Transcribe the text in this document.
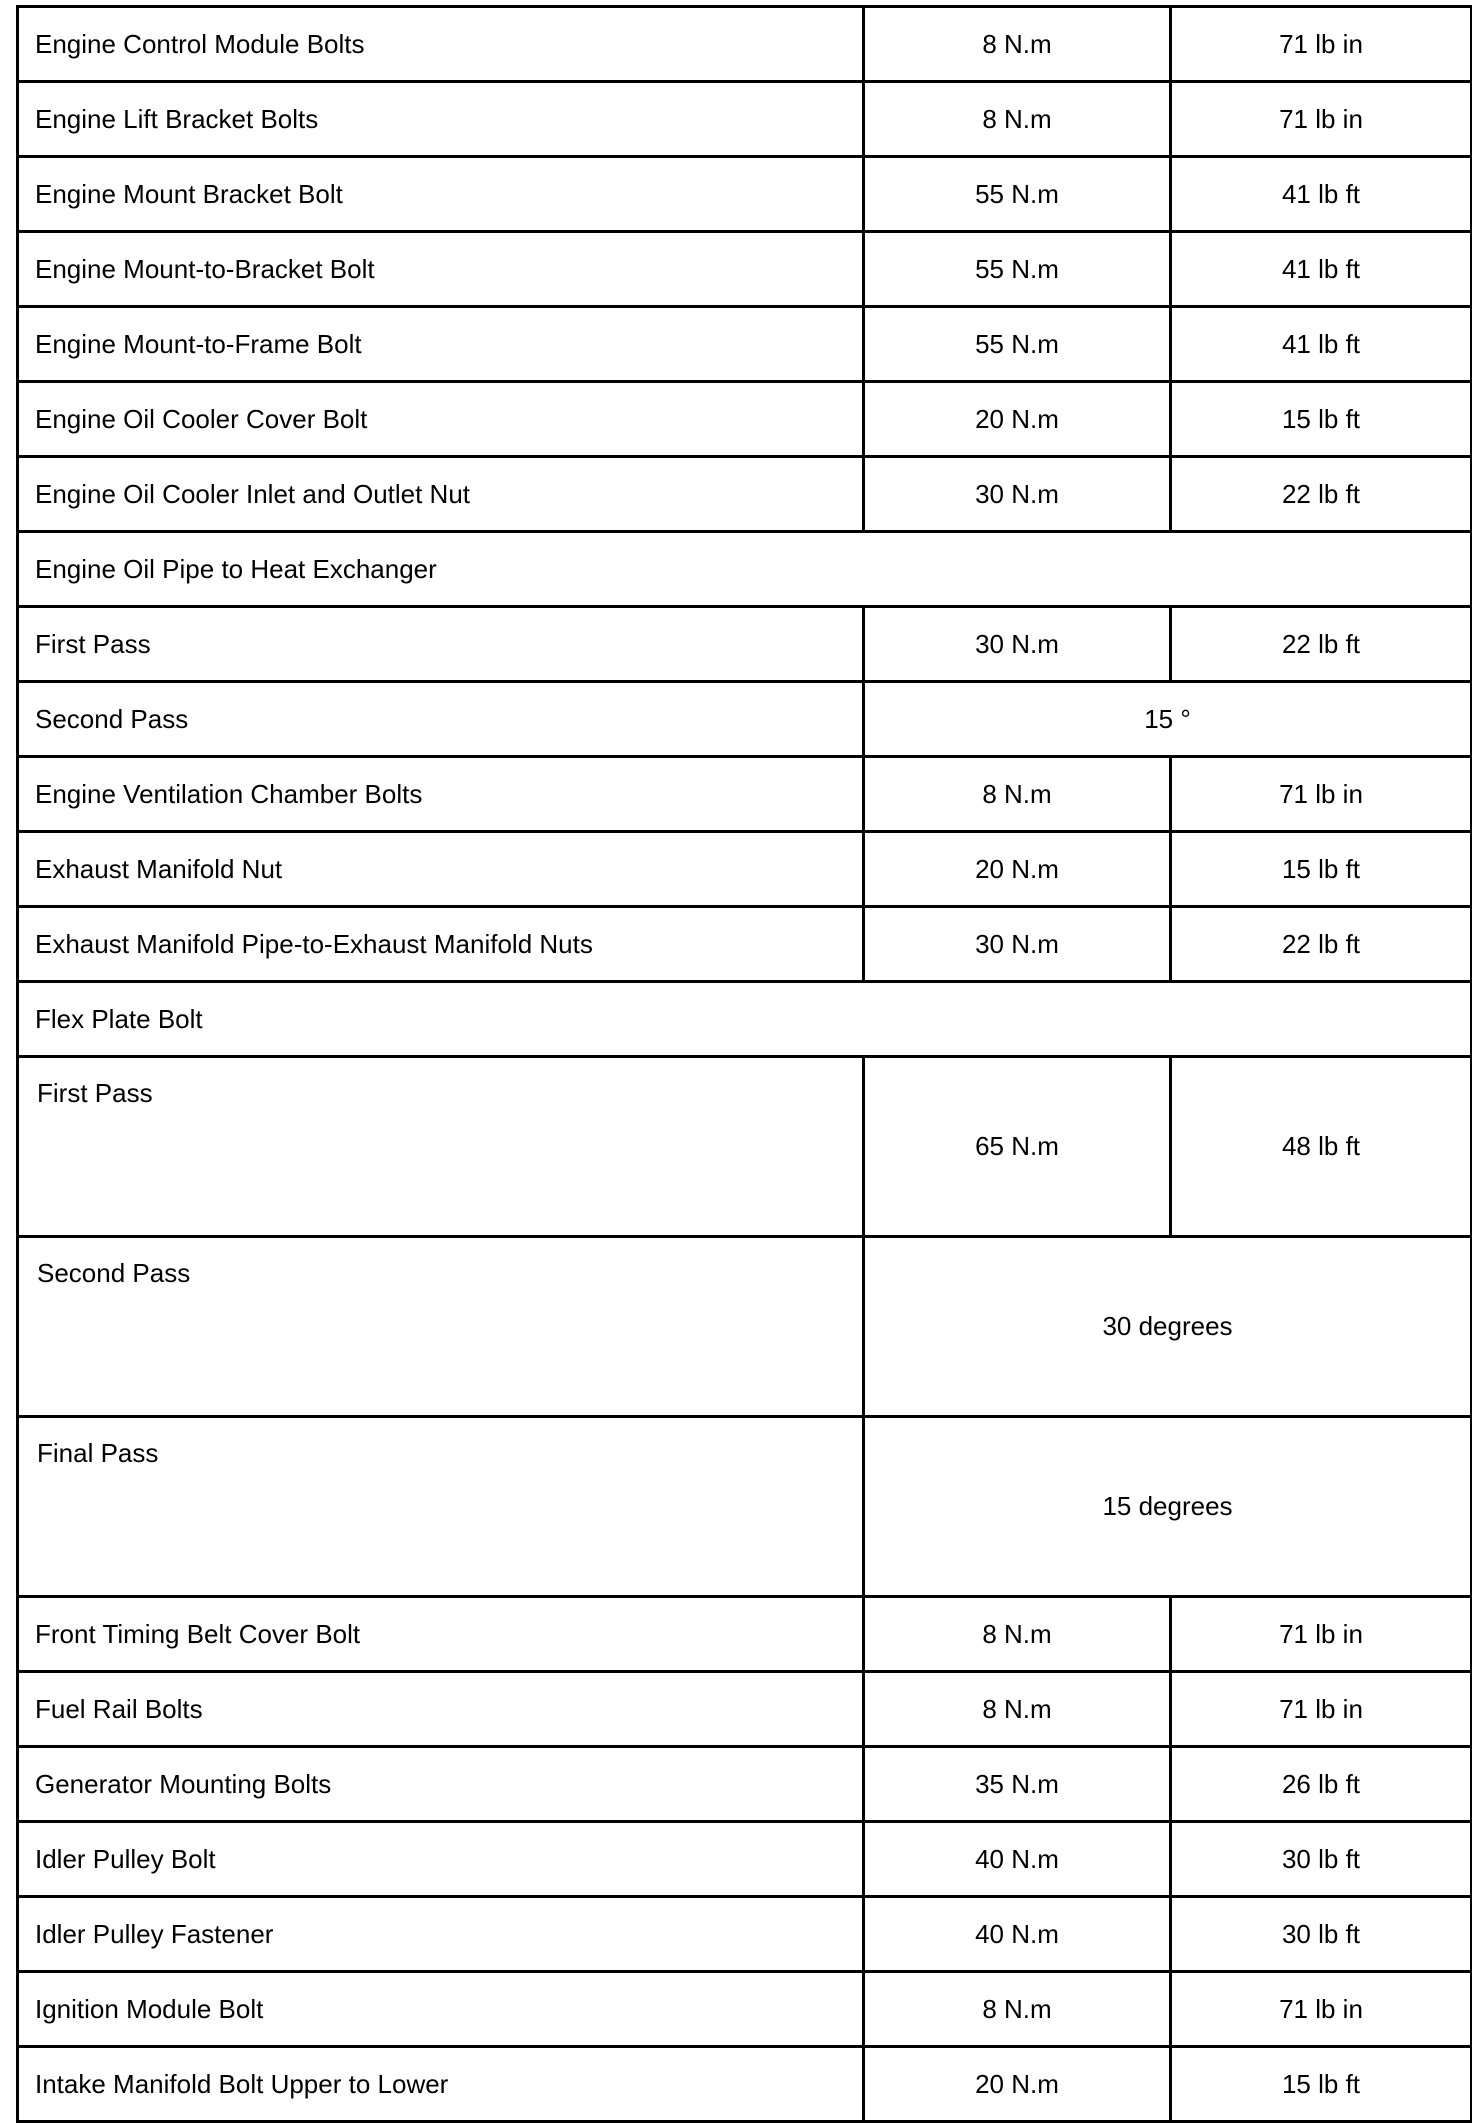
Engine Control Module Bolts	8 N.m	71 lb in
Engine Lift Bracket Bolts	8 N.m	71 lb in
Engine Mount Bracket Bolt	55 N.m	41 lb ft
Engine Mount-to-Bracket Bolt	55 N.m	41 lb ft
Engine Mount-to-Frame Bolt	55 N.m	41 lb ft
Engine Oil Cooler Cover Bolt	20 N.m	15 lb ft
Engine Oil Cooler Inlet and Outlet Nut	30 N.m	22 lb ft
Engine Oil Pipe to Heat Exchanger		
First Pass	30 N.m	22 lb ft
Second Pass	15 °	
Engine Ventilation Chamber Bolts	8 N.m	71 lb in
Exhaust Manifold Nut	20 N.m	15 lb ft
Exhaust Manifold Pipe-to-Exhaust Manifold Nuts	30 N.m	22 lb ft
Flex Plate Bolt		
First Pass	65 N.m	48 lb ft
Second Pass	30 degrees	
Final Pass	15 degrees	
Front Timing Belt Cover Bolt	8 N.m	71 lb in
Fuel Rail Bolts	8 N.m	71 lb in
Generator Mounting Bolts	35 N.m	26 lb ft
Idler Pulley Bolt	40 N.m	30 lb ft
Idler Pulley Fastener	40 N.m	30 lb ft
Ignition Module Bolt	8 N.m	71 lb in
Intake Manifold Bolt Upper to Lower	20 N.m	15 lb ft
